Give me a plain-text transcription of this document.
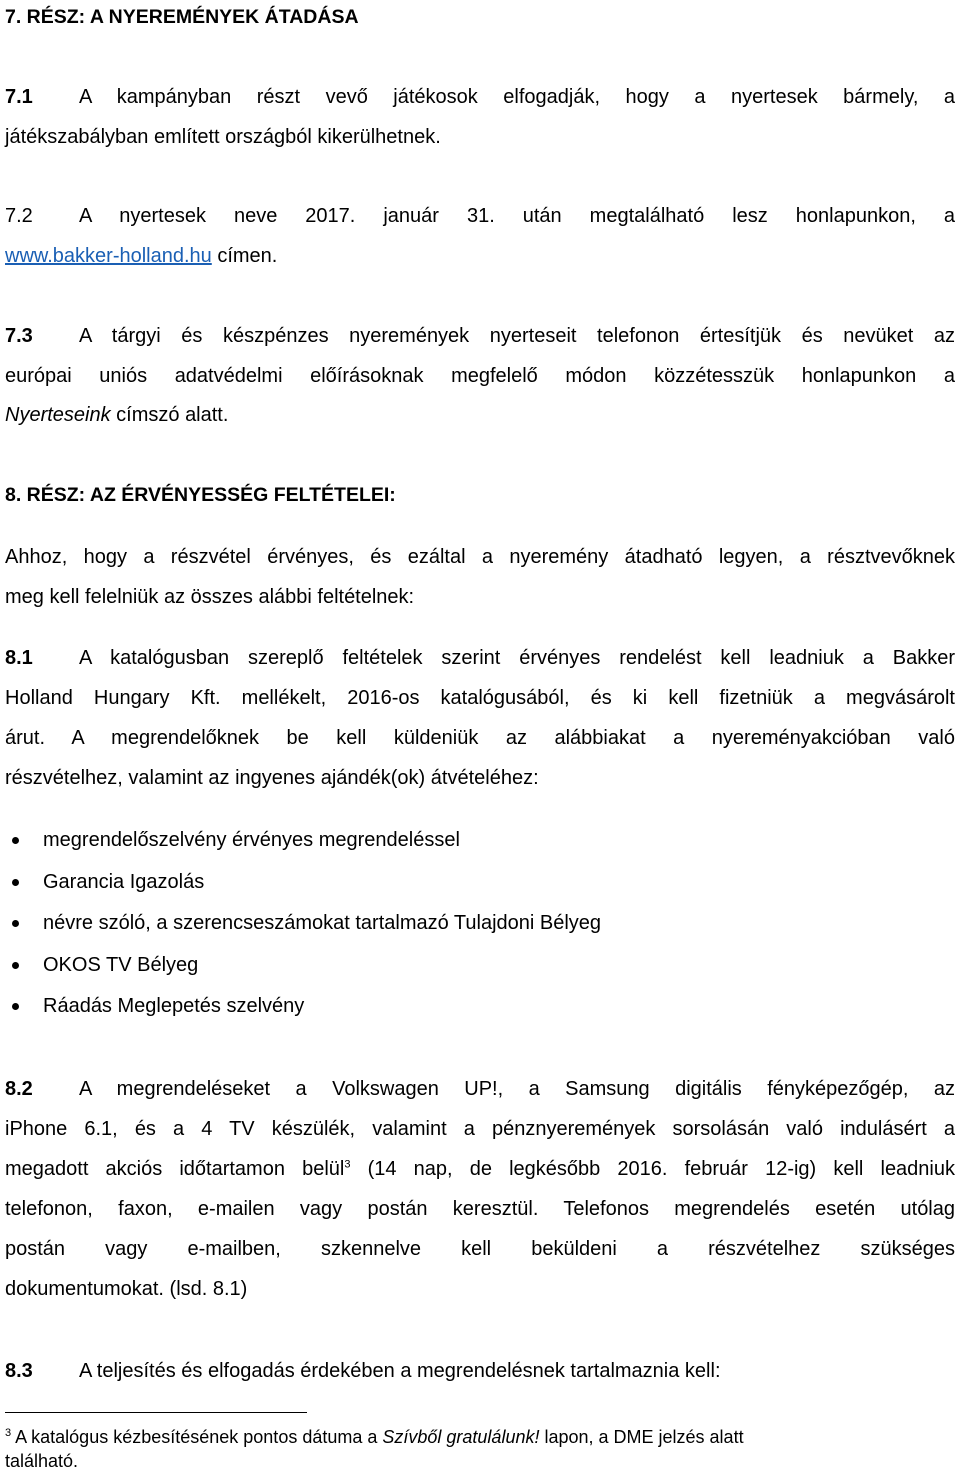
7. RÉSZ: A NYEREMÉNYEK ÁTADÁSA
7.1 A kampányban részt vevő játékosok elfogadják, hogy a nyertesek bármely, a
játékszabályban említett országból kikerülhetnek.
7.2 A nyertesek neve 2017. január 31. után megtalálható lesz honlapunkon, a
www.bakker-holland.hu címen.
7.3 A tárgyi és készpénzes nyeremények nyerteseit telefonon értesítjük és nevüket az
európai uniós adatvédelmi előírásoknak megfelelő módon közzétesszük honlapunkon a
Nyerteseink címszó alatt.
8. RÉSZ: AZ ÉRVÉNYESSÉG FELTÉTELEI:
Ahhoz, hogy a részvétel érvényes, és ezáltal a nyeremény átadható legyen, a résztvevőknek
meg kell felelniük az összes alábbi feltételnek:
8.1 A katalógusban szereplő feltételek szerint érvényes rendelést kell leadniuk a Bakker
Holland Hungary Kft. mellékelt, 2016-os katalógusából, és ki kell fizetniük a megvásárolt
árut. A megrendelőknek be kell küldeniük az alábbiakat a nyereményakcióban való
részvételhez, valamint az ingyenes ajándék(ok) átvételéhez:
megrendelőszelvény érvényes megrendeléssel
Garancia Igazolás
névre szóló, a szerencseszámokat tartalmazó Tulajdoni Bélyeg
OKOS TV Bélyeg
Ráadás Meglepetés szelvény
8.2 A megrendeléseket a Volkswagen UP!, a Samsung digitális fényképezőgép, az
iPhone 6.1, és a 4 TV készülék, valamint a pénznyeremények sorsolásán való indulásért a
megadott akciós időtartamon belül$^3$ (14 nap, de legkésőbb 2016. február 12-ig) kell leadniuk
telefonon, faxon, e-mailen vagy postán keresztül. Telefonos megrendelés esetén utólag
postán vagy e-mailben, szkennelve kell beküldeni a részvételhez szükséges
dokumentumokat. (lsd. 8.1)
8.3 A teljesítés és elfogadás érdekében a megrendelésnek tartalmaznia kell:
$^3$ A katalógus kézbesítésének pontos dátuma a Szívből gratulálunk! lapon, a DME jelzés alatt
található.
